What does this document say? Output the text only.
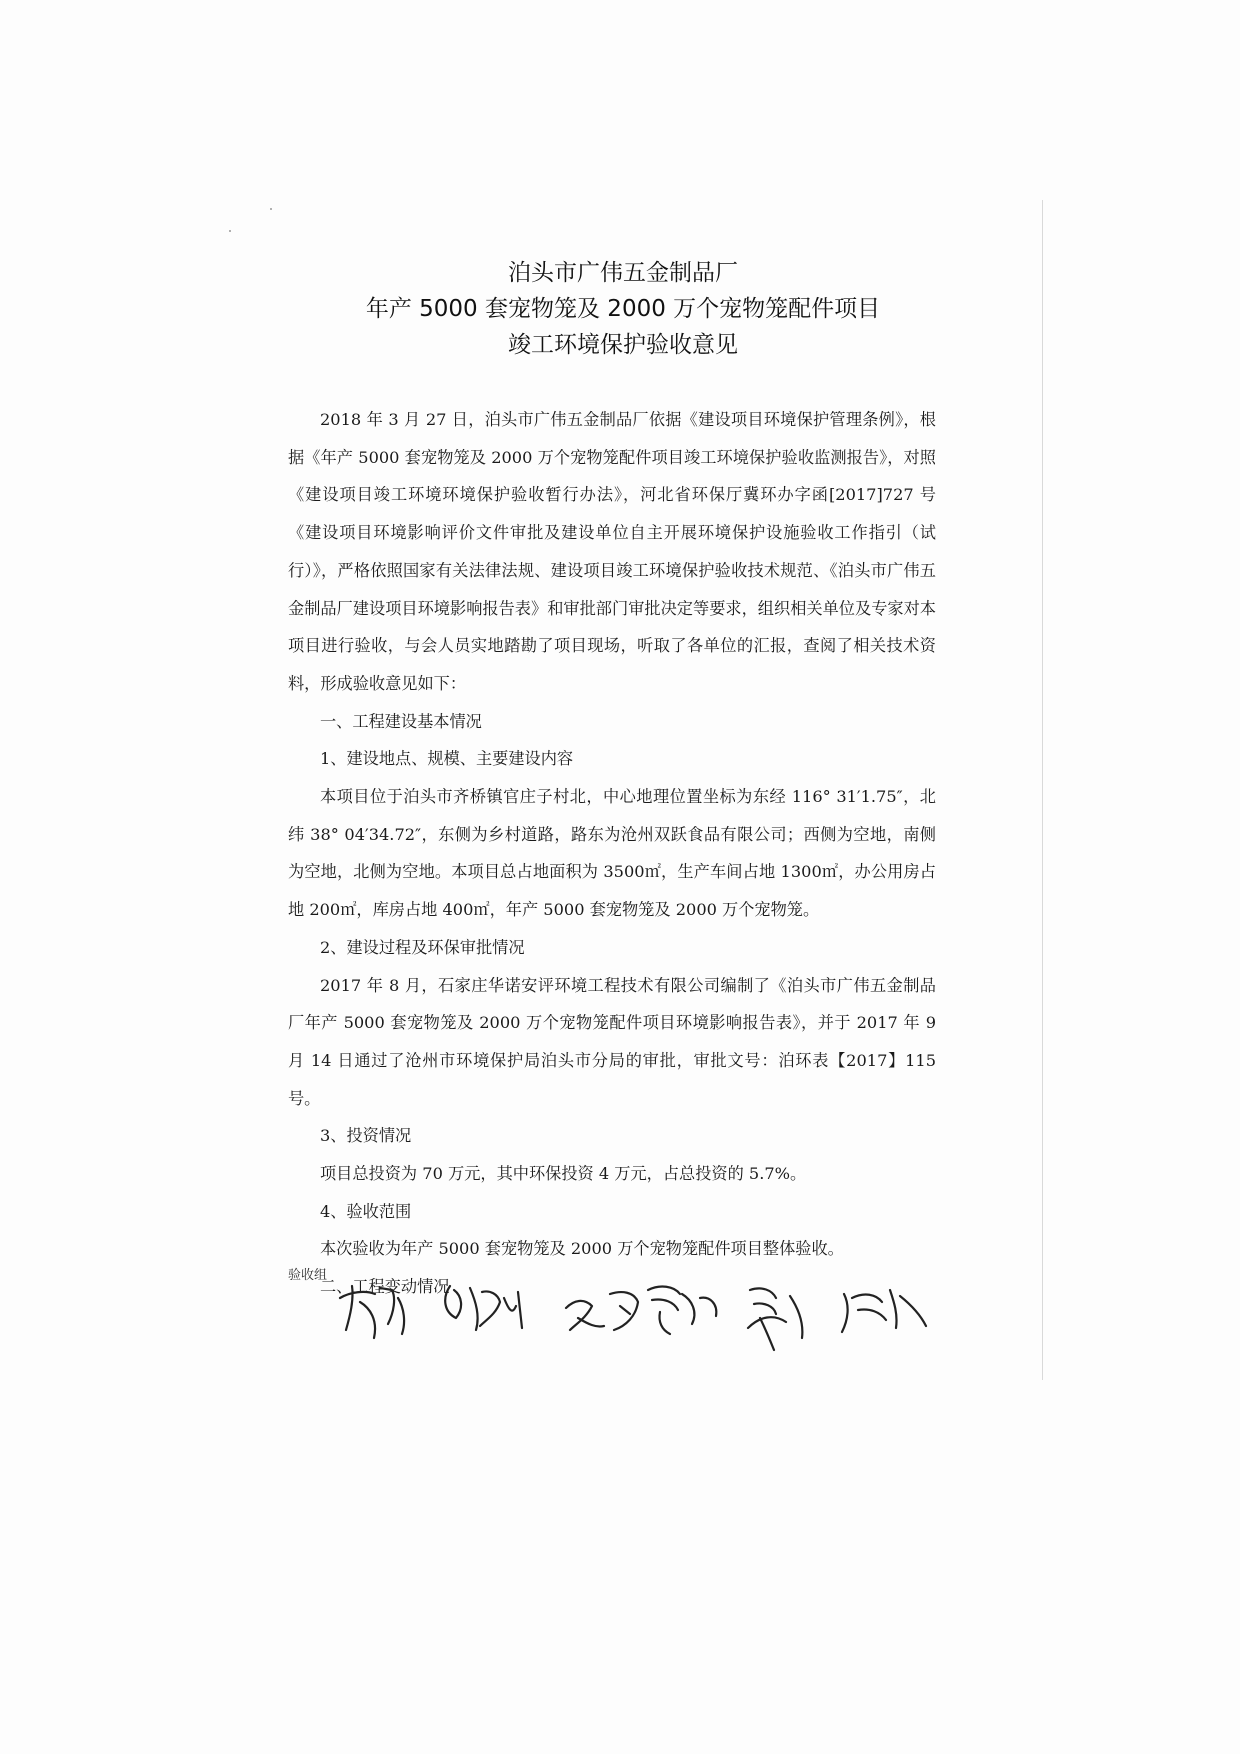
泊头市广伟五金制品厂

年产 5000 套宠物笼及 2000 万个宠物笼配件项目

竣工环境保护验收意见

2018 年 3 月 27 日，泊头市广伟五金制品厂依据《建设项目环境保护管理条例》，根据《年产 5000 套宠物笼及 2000 万个宠物笼配件项目竣工环境保护验收监测报告》，对照《建设项目竣工环境环境保护验收暂行办法》，河北省环保厅冀环办字函[2017]727 号《建设项目环境影响评价文件审批及建设单位自主开展环境保护设施验收工作指引（试行）》，严格依照国家有关法律法规、建设项目竣工环境保护验收技术规范、《泊头市广伟五金制品厂建设项目环境影响报告表》和审批部门审批决定等要求，组织相关单位及专家对本项目进行验收，与会人员实地踏勘了项目现场，听取了各单位的汇报，查阅了相关技术资料，形成验收意见如下：

一、工程建设基本情况

1、建设地点、规模、主要建设内容

本项目位于泊头市齐桥镇官庄子村北，中心地理位置坐标为东经 116° 31′1.75″，北纬 38° 04′34.72″，东侧为乡村道路，路东为沧州双跃食品有限公司；西侧为空地，南侧为空地，北侧为空地。本项目总占地面积为 3500㎡，生产车间占地 1300㎡，办公用房占地 200㎡，库房占地 400㎡，年产 5000 套宠物笼及 2000 万个宠物笼。

2、建设过程及环保审批情况

2017 年 8 月，石家庄华诺安评环境工程技术有限公司编制了《泊头市广伟五金制品厂年产 5000 套宠物笼及 2000 万个宠物笼配件项目环境影响报告表》，并于 2017 年 9 月 14 日通过了沧州市环境保护局泊头市分局的审批，审批文号：泊环表【2017】115 号。

3、投资情况

项目总投资为 70 万元，其中环保投资 4 万元，占总投资的 5.7%。

4、验收范围

本次验收为年产 5000 套宠物笼及 2000 万个宠物笼配件项目整体验收。

二、工程变动情况

验收组
